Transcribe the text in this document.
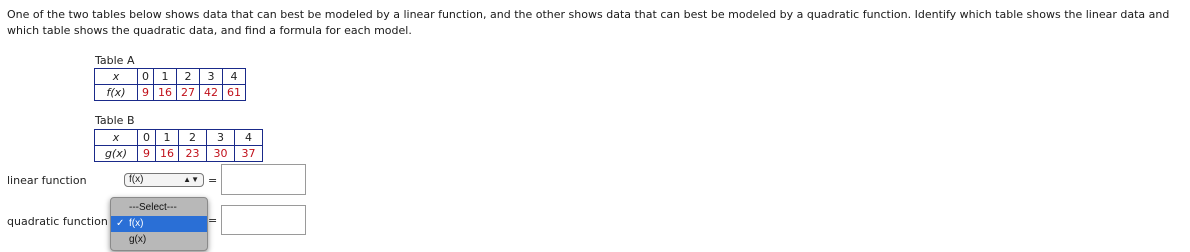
One of the two tables below shows data that can best be modeled by a linear function, and the other shows data that can best be modeled by a quadratic function. Identify which table shows the linear data and which table shows the quadratic data, and find a formula for each model.
Table A
x	0	1	2	3	4
f(x)	9	16	27	42	61
Table B
x	0	1	2	3	4
g(x)	9	16	23	30	37
linear function	f(x)	▲▼ =
quadratic function	=
---Select---
✓ f(x)
g(x)
